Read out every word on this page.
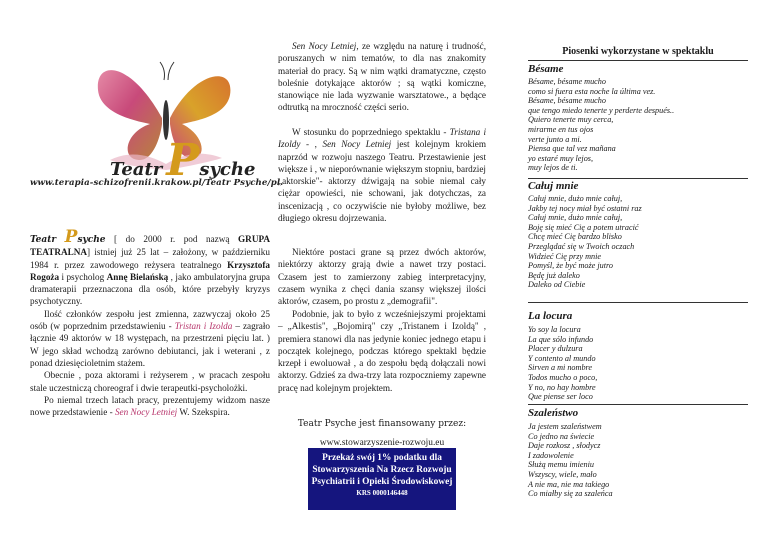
Teatr Psyche
www.terapia-schizofrenii.krakow.pl/Teatr Psyche/pl.

Teatr Psyche [ do 2000 r. pod nazwą GRUPA TEATRALNA] istniej już 25 lat – założony, w październiku 1984 r. przez zawodowego reżysera teatralnego Krzysztofa Rogoża i psycholog Annę Bielańską , jako ambulatoryjna grupa dramaterapii przeznaczona dla osób, które przebyły kryzys psychotyczny.

Ilość członków zespołu jest zmienna, zazwyczaj około 25 osób (w poprzednim przedstawieniu - Tristan i Izolda – zagrało łącznie 49 aktorów w 18 występach, na przestrzeni pięciu lat. ) W jego skład wchodzą zarówno debiutanci, jak i weterani , z ponad dziesięcioletnim stażem.

Obecnie , poza aktorami i reżyserem , w pracach zespołu stale uczestniczą choreograf i dwie terapeutki-psycholożki.

Po niemal trzech latach pracy, prezentujemy widzom nasze nowe przedstawienie - Sen Nocy Letniej W. Szekspira.

Sen Nocy Letniej, ze względu na naturę i trudność, poruszanych w nim tematów, to dla nas znakomity materiał do pracy. Są w nim wątki dramatyczne, często boleśnie dotykające aktorów ; są wątki komiczne, stanowiące nie lada wyzwanie warsztatowe., a będące odtrutką na mroczność części serio.

W stosunku do poprzedniego spektaklu - Tristana i Izoldy - , Sen Nocy Letniej jest kolejnym krokiem naprzód w rozwoju naszego Teatru. Przestawienie jest większe i , w nieporównanie większym stopniu, bardziej „aktorskie"- aktorzy dźwigają na sobie niemal cały ciężar opowieści, nie schowani, jak dotychczas, za inscenizacją , co oczywiście nie byłoby możliwe, bez długiego okresu dojrzewania.

Niektóre postaci grane są przez dwóch aktorów, niektórzy aktorzy grają dwie a nawet trzy postaci. Czasem jest to zamierzony zabieg interpretacyjny, czasem wynika z chęci dania szansy większej ilości aktorów, czasem, po prostu z „demografii".

Podobnie, jak to było z wcześniejszymi projektami – „Alkestis", „Bojomirą" czy „Tristanem i Izoldą" , premiera stanowi dla nas jedynie koniec jednego etapu i początek kolejnego, podczas którego spektakl będzie krzepł i ewoluował , a do zespołu będą dołączali nowi aktorzy. Gdzieś za dwa-trzy lata rozpoczniemy zapewne pracę nad kolejnym projektem.

Teatr Psyche jest finansowany przez:
www.stowarzyszenie-rozwoju.eu
Przekaż swój 1% podatku dla
Stowarzyszenia Na Rzecz Rozwoju
Psychiatrii i Opieki Środowiskowej
KRS 0000146448
Piosenki wykorzystane w spektaklu
Bésame
Bésame, bésame mucho
como si fuera esta noche la última vez.
Bésame, bésame mucho
que tengo miedo tenerte y perderte después..
Quiero tenerte muy cerca,
mirarme en tus ojos
verte junto a mi.
Piensa que tal vez mañana
yo estaré muy lejos,
muy lejos de ti.
Całuj mnie
Całuj mnie, dużo mnie całuj,
Jakby tej nocy miał być ostatni raz
Całuj mnie, dużo mnie całuj,
Boję się mieć Cię a potem utracić
Chcę mieć Cię bardzo blisko
Przeglądać się w Twoich oczach
Widzieć Cię przy mnie
Pomyśl, że być może jutro
Będę już daleko
Daleko od Ciebie
La locura
Yo soy la locura
La que sólo infundo
Placer y dulzura
Y contento al mundo
Sirven a mi nombre
Todos mucho o poco,
Y no, no hay hombre
Que piense ser loco
Szaleństwo
Ja jestem szaleństwem
Co jedno na świecie
Daje rozkosz , słodycz
I zadowolenie
Służą memu imieniu
Wszyscy, wiele, mało
A nie ma, nie ma takiego
Co miałby się za szaleńca
